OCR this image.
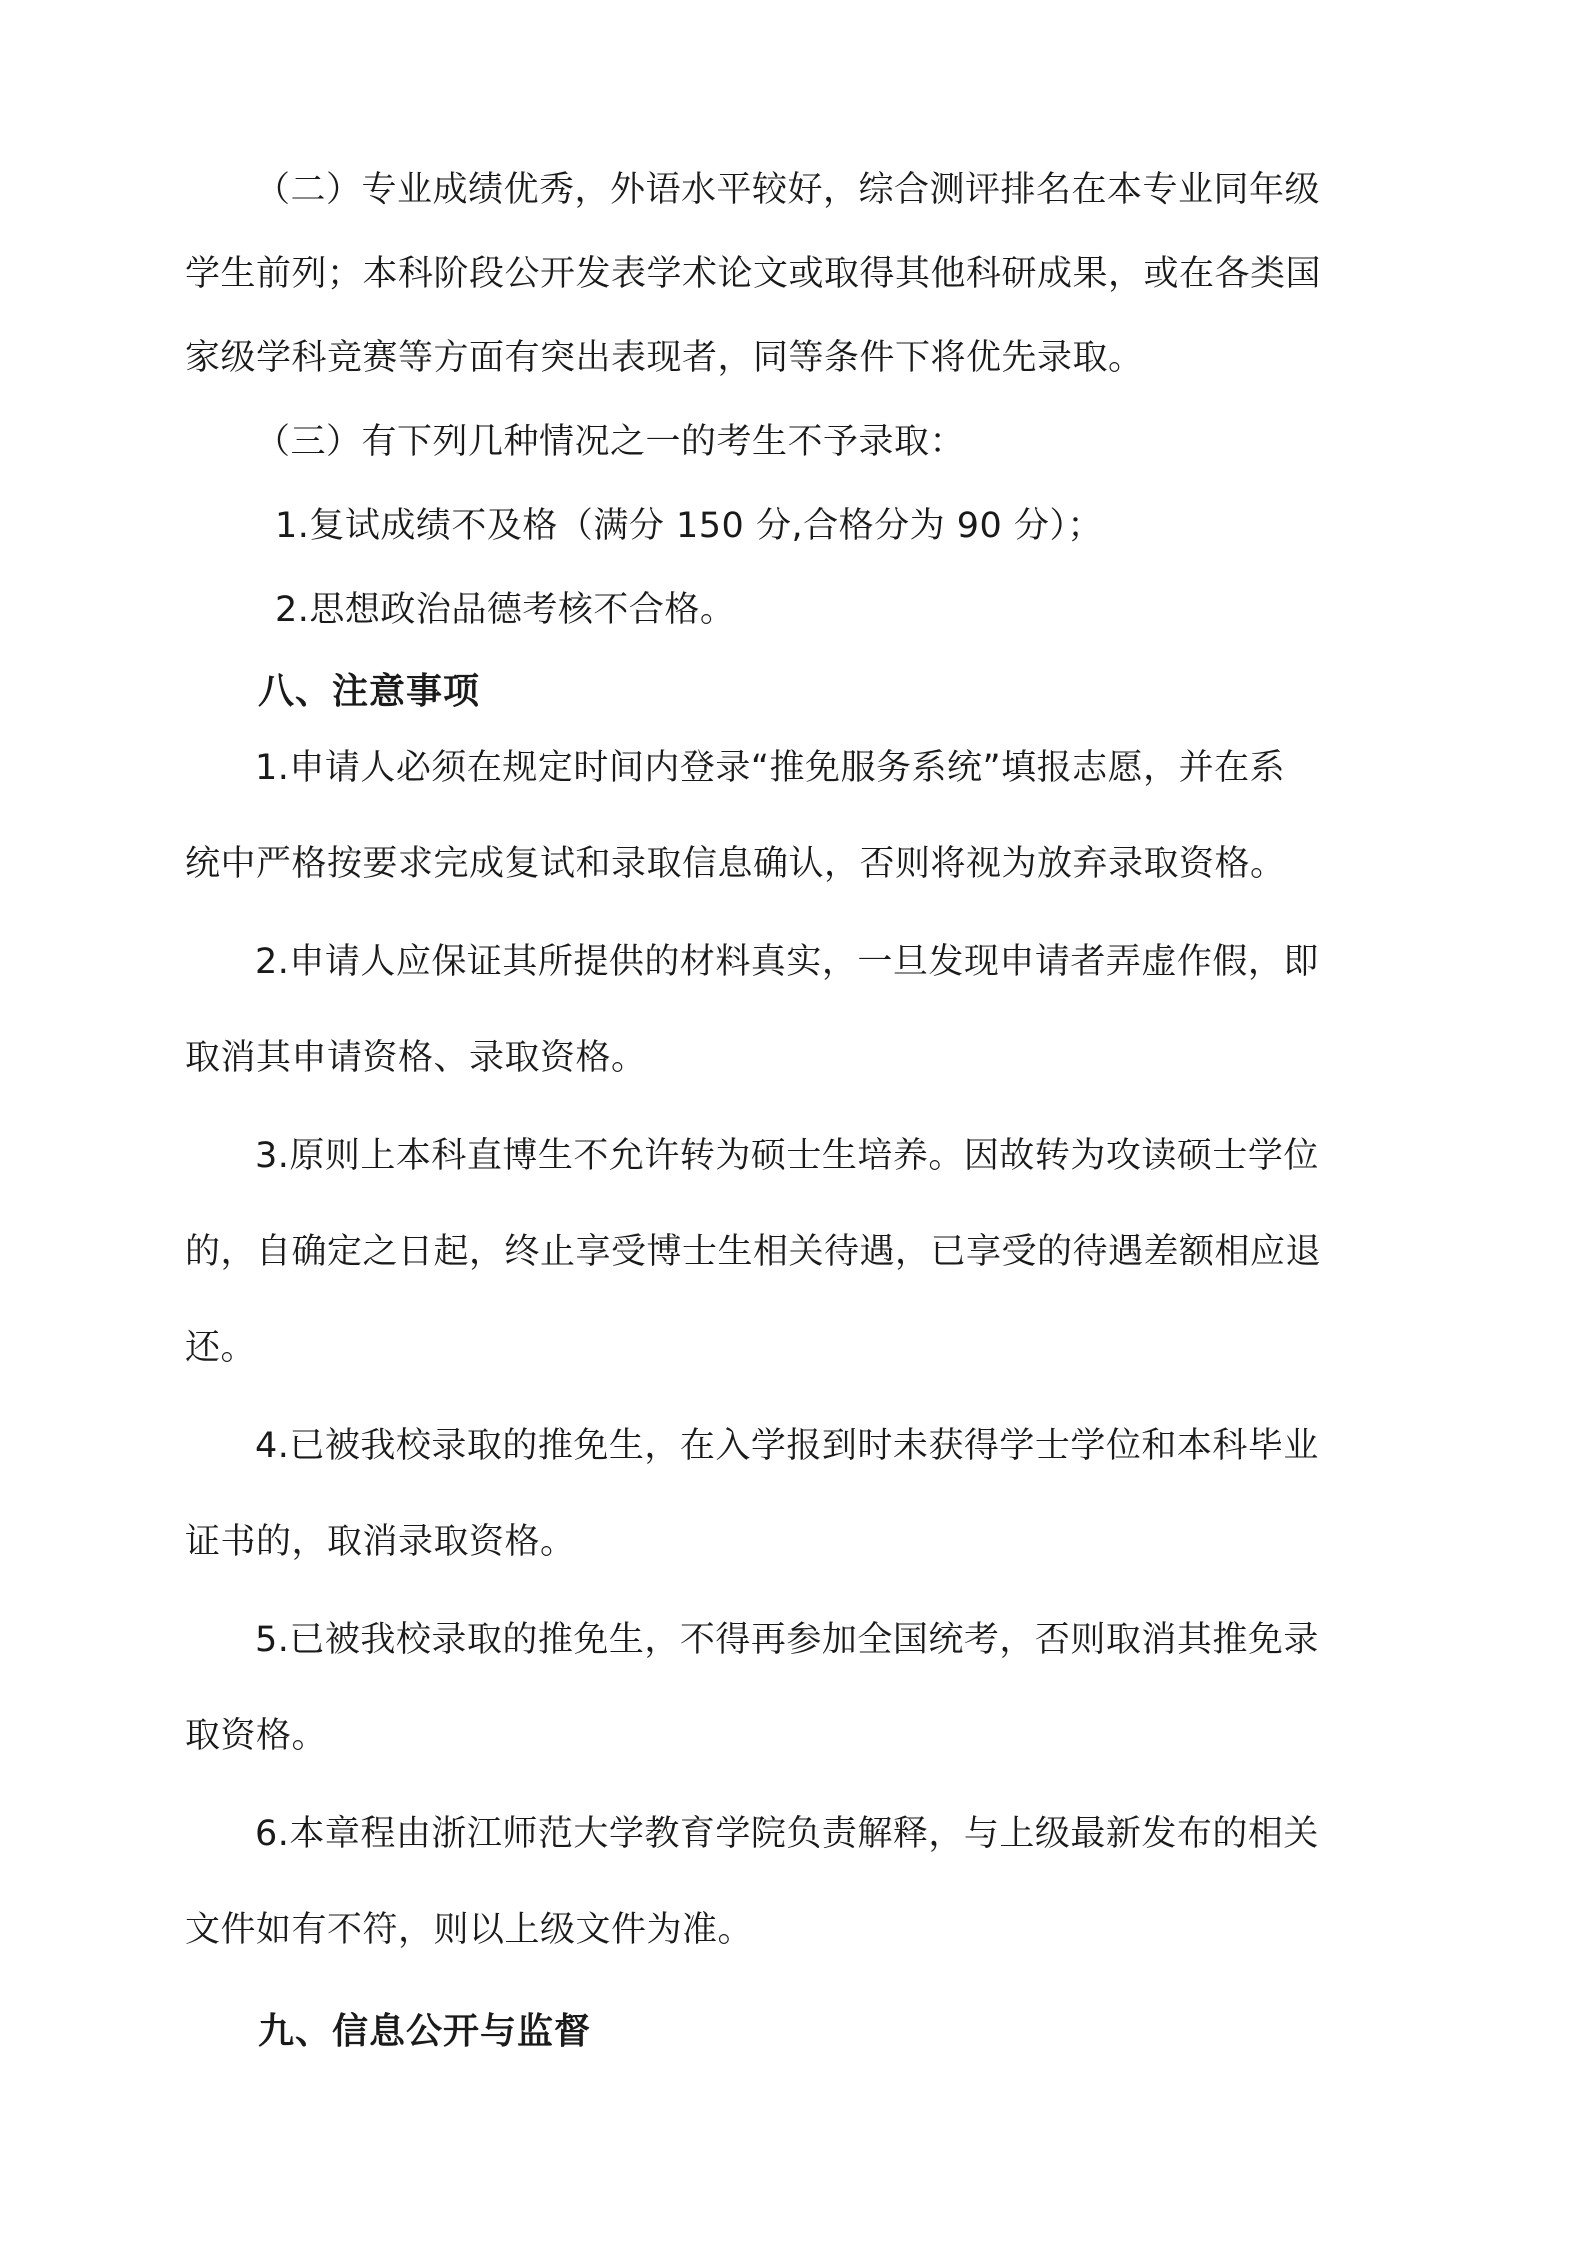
（二）专业成绩优秀，外语水平较好，综合测评排名在本专业同年级
学生前列；本科阶段公开发表学术论文或取得其他科研成果，或在各类国
家级学科竞赛等方面有突出表现者，同等条件下将优先录取。
（三）有下列几种情况之一的考生不予录取：
1.复试成绩不及格（满分 150 分,合格分为 90 分）；
2.思想政治品德考核不合格。
八、注意事项
1.申请人必须在规定时间内登录“推免服务系统”填报志愿，并在系
统中严格按要求完成复试和录取信息确认，否则将视为放弃录取资格。
2.申请人应保证其所提供的材料真实，一旦发现申请者弄虚作假，即
取消其申请资格、录取资格。
3.原则上本科直博生不允许转为硕士生培养。因故转为攻读硕士学位
的，自确定之日起，终止享受博士生相关待遇，已享受的待遇差额相应退
还。
4.已被我校录取的推免生，在入学报到时未获得学士学位和本科毕业
证书的，取消录取资格。
5.已被我校录取的推免生，不得再参加全国统考，否则取消其推免录
取资格。
6.本章程由浙江师范大学教育学院负责解释，与上级最新发布的相关
文件如有不符，则以上级文件为准。
九、信息公开与监督
